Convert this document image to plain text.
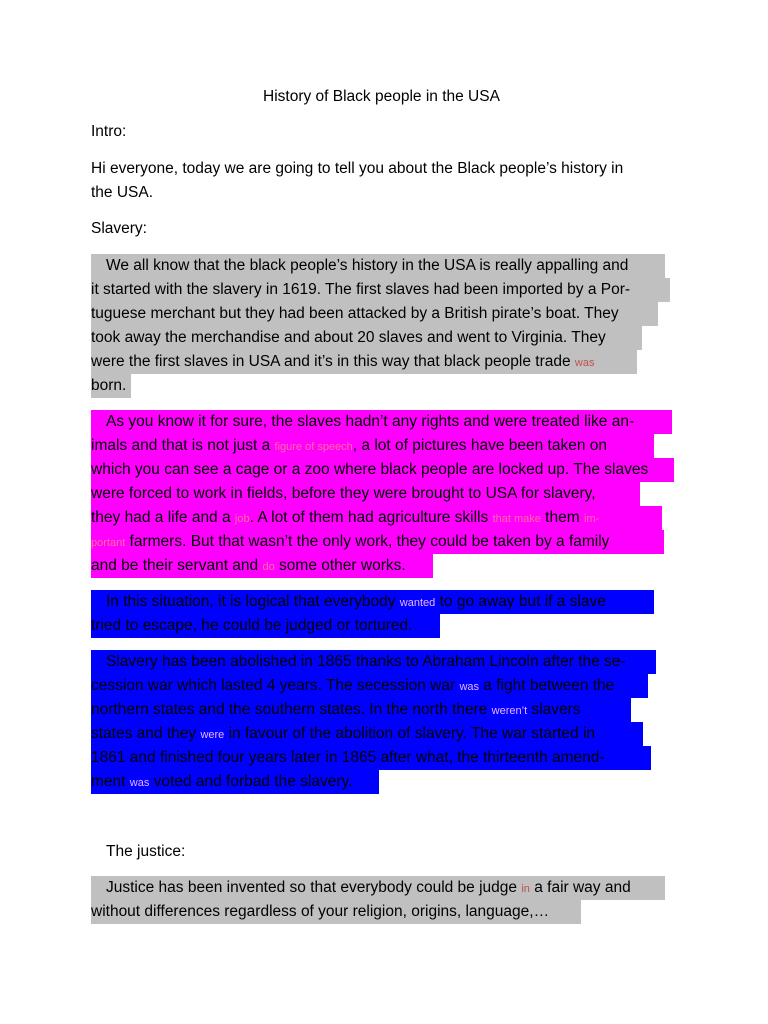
History of Black people in the USA
Intro:
Hi everyone, today we are going to tell you about the Black people’s history in
the USA.
Slavery:
We all know that the black people’s history in the USA is really appalling and
it started with the slavery in 1619. The first slaves had been imported by a Por-
tuguese merchant but they had been attacked by a British pirate’s boat. They
took away the merchandise and about 20 slaves and went to Virginia. They
were the first slaves in USA and it’s in this way that black people trade was
born.
As you know it for sure, the slaves hadn’t any rights and were treated like an-
imals and that is not just a figure of speech, a lot of pictures have been taken on
which you can see a cage or a zoo where black people are locked up. The slaves
were forced to work in fields, before they were brought to USA for slavery,
they had a life and a job. A lot of them had agriculture skills that make them im-
portant farmers. But that wasn’t the only work, they could be taken by a family
and be their servant and do some other works.
In this situation, it is logical that everybody wanted to go away but if a slave
tried to escape, he could be judged or tortured.
Slavery has been abolished in 1865 thanks to Abraham Lincoln after the se-
cession war which lasted 4 years. The secession war was a fight between the
northern states and the southern states. In the north there weren’t slavers
states and they were in favour of the abolition of slavery. The war started in
1861 and finished four years later in 1865 after what, the thirteenth amend-
ment was voted and forbad the slavery.
The justice:
Justice has been invented so that everybody could be judge in a fair way and
without differences regardless of your religion, origins, language,…
